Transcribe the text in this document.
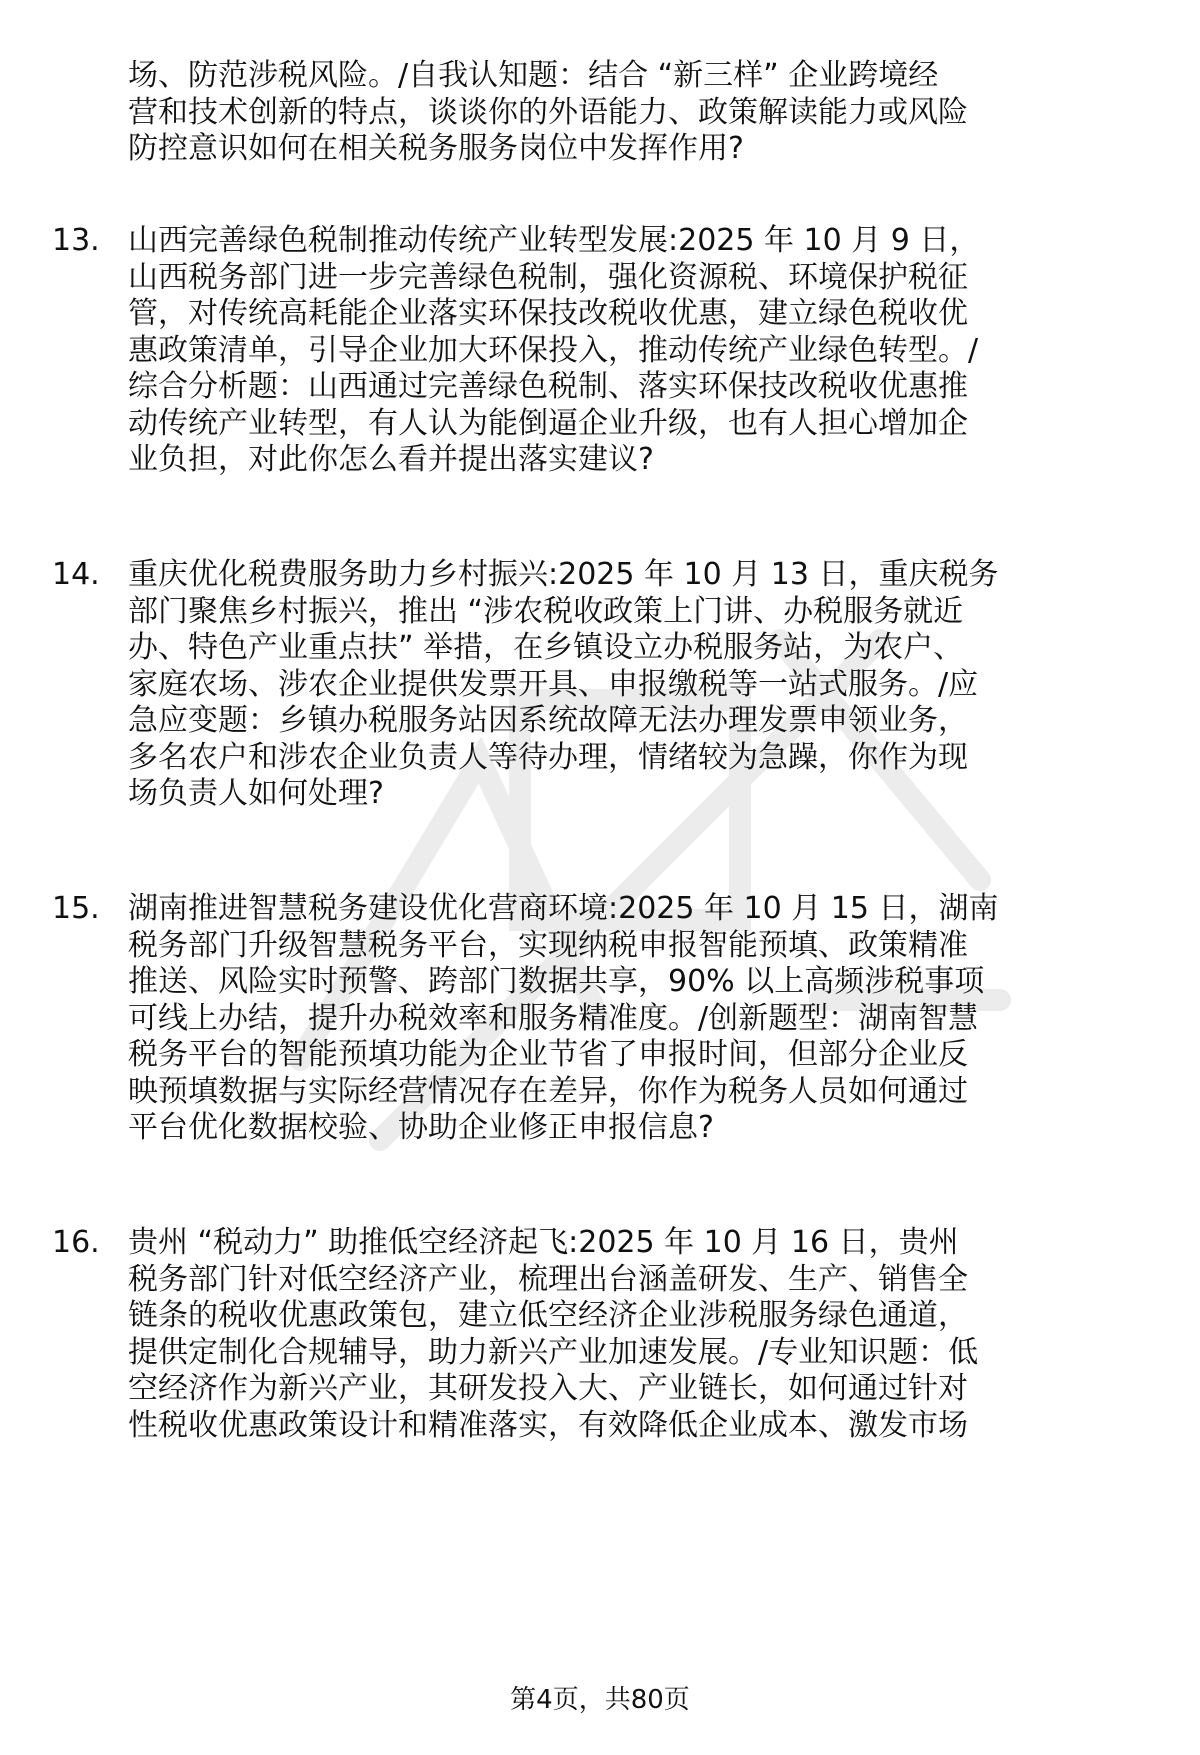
场、防范涉税风险。/自我认知题：结合 “新三样” 企业跨境经
营和技术创新的特点，谈谈你的外语能力、政策解读能力或风险
防控意识如何在相关税务服务岗位中发挥作用?
13. 山西完善绿色税制推动传统产业转型发展:2025 年 10 月 9 日，
山西税务部门进一步完善绿色税制，强化资源税、环境保护税征
管，对传统高耗能企业落实环保技改税收优惠，建立绿色税收优
惠政策清单，引导企业加大环保投入，推动传统产业绿色转型。/
综合分析题：山西通过完善绿色税制、落实环保技改税收优惠推
动传统产业转型，有人认为能倒逼企业升级，也有人担心增加企
业负担，对此你怎么看并提出落实建议?
14. 重庆优化税费服务助力乡村振兴:2025 年 10 月 13 日，重庆税务
部门聚焦乡村振兴，推出 “涉农税收政策上门讲、办税服务就近
办、特色产业重点扶” 举措，在乡镇设立办税服务站，为农户、
家庭农场、涉农企业提供发票开具、申报缴税等一站式服务。/应
急应变题：乡镇办税服务站因系统故障无法办理发票申领业务，
多名农户和涉农企业负责人等待办理，情绪较为急躁，你作为现
场负责人如何处理?
15. 湖南推进智慧税务建设优化营商环境:2025 年 10 月 15 日，湖南
税务部门升级智慧税务平台，实现纳税申报智能预填、政策精准
推送、风险实时预警、跨部门数据共享，90% 以上高频涉税事项
可线上办结，提升办税效率和服务精准度。/创新题型：湖南智慧
税务平台的智能预填功能为企业节省了申报时间，但部分企业反
映预填数据与实际经营情况存在差异，你作为税务人员如何通过
平台优化数据校验、协助企业修正申报信息?
16. 贵州 “税动力” 助推低空经济起飞:2025 年 10 月 16 日，贵州
税务部门针对低空经济产业，梳理出台涵盖研发、生产、销售全
链条的税收优惠政策包，建立低空经济企业涉税服务绿色通道，
提供定制化合规辅导，助力新兴产业加速发展。/专业知识题：低
空经济作为新兴产业，其研发投入大、产业链长，如何通过针对
性税收优惠政策设计和精准落实，有效降低企业成本、激发市场
第4页，共80页
